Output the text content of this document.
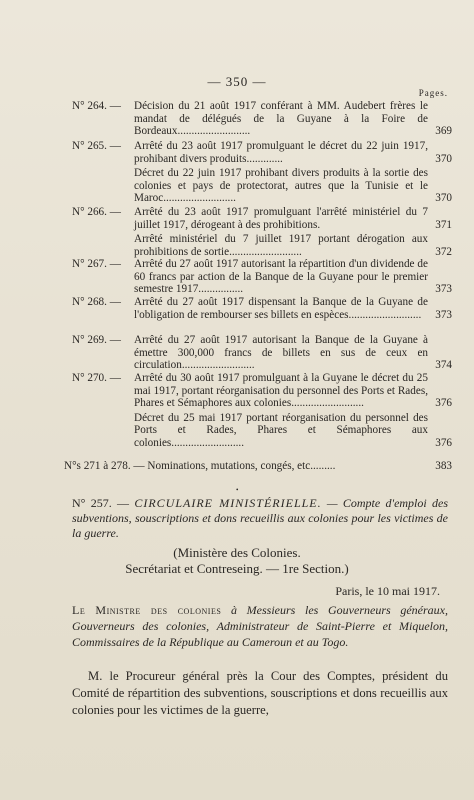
— 350 —
Pages.
N° 264. —	Décision du 21 août 1917 conférant à MM. Audebert frères le mandat de délégués de la Guyane à la Foire de Bordeaux..........................	369
N° 265. —	Arrêté du 23 août 1917 promulguant le décret du 22 juin 1917, prohibant divers produits.............	370
Décret du 22 juin 1917 prohibant divers produits à la sortie des colonies et pays de protectorat, autres que la Tunisie et le Maroc..........................	370
N° 266. —	Arrêté du 23 août 1917 promulguant l'arrêté ministériel du 7 juillet 1917, dérogeant à des prohibitions.	371
Arrêté ministériel du 7 juillet 1917 portant dérogation aux prohibitions de sortie..........................	372
N° 267. —	Arrêté du 27 août 1917 autorisant la répartition d'un dividende de 60 francs par action de la Banque de la Guyane pour le premier semestre 1917................	373
N° 268. —	Arrêté du 27 août 1917 dispensant la Banque de la Guyane de l'obligation de rembourser ses billets en espèces..........................	373
N° 269. —	Arrêté du 27 août 1917 autorisant la Banque de la Guyane à émettre 300,000 francs de billets en sus de ceux en circulation..........................	374
N° 270. —	Arrêté du 30 août 1917 promulguant à la Guyane le décret du 25 mai 1917, portant réorganisation du personnel des Ports et Rades, Phares et Sémaphores aux colonies..........................	376
Décret du 25 mai 1917 portant réorganisation du personnel des Ports et Rades, Phares et Sémaphores aux colonies..........................	376
N°s 271 à 278. — Nominations, mutations, congés, etc.........	383
•
N° 257. — CIRCULAIRE MINISTÉRIELLE. — Compte d'emploi des subventions, souscriptions et dons recueillis aux colonies pour les victimes de la guerre.
(Ministère des Colonies.
Secrétariat et Contreseing. — 1re Section.)
Paris, le 10 mai 1917.
Le Ministre des colonies à Messieurs les Gouverneurs généraux, Gouverneurs des colonies, Administrateur de Saint-Pierre et Miquelon, Commissaires de la République au Cameroun et au Togo.
M. le Procureur général près la Cour des Comptes, président du Comité de répartition des subventions, souscriptions et dons recueillis aux colonies pour les victimes de la guerre,
